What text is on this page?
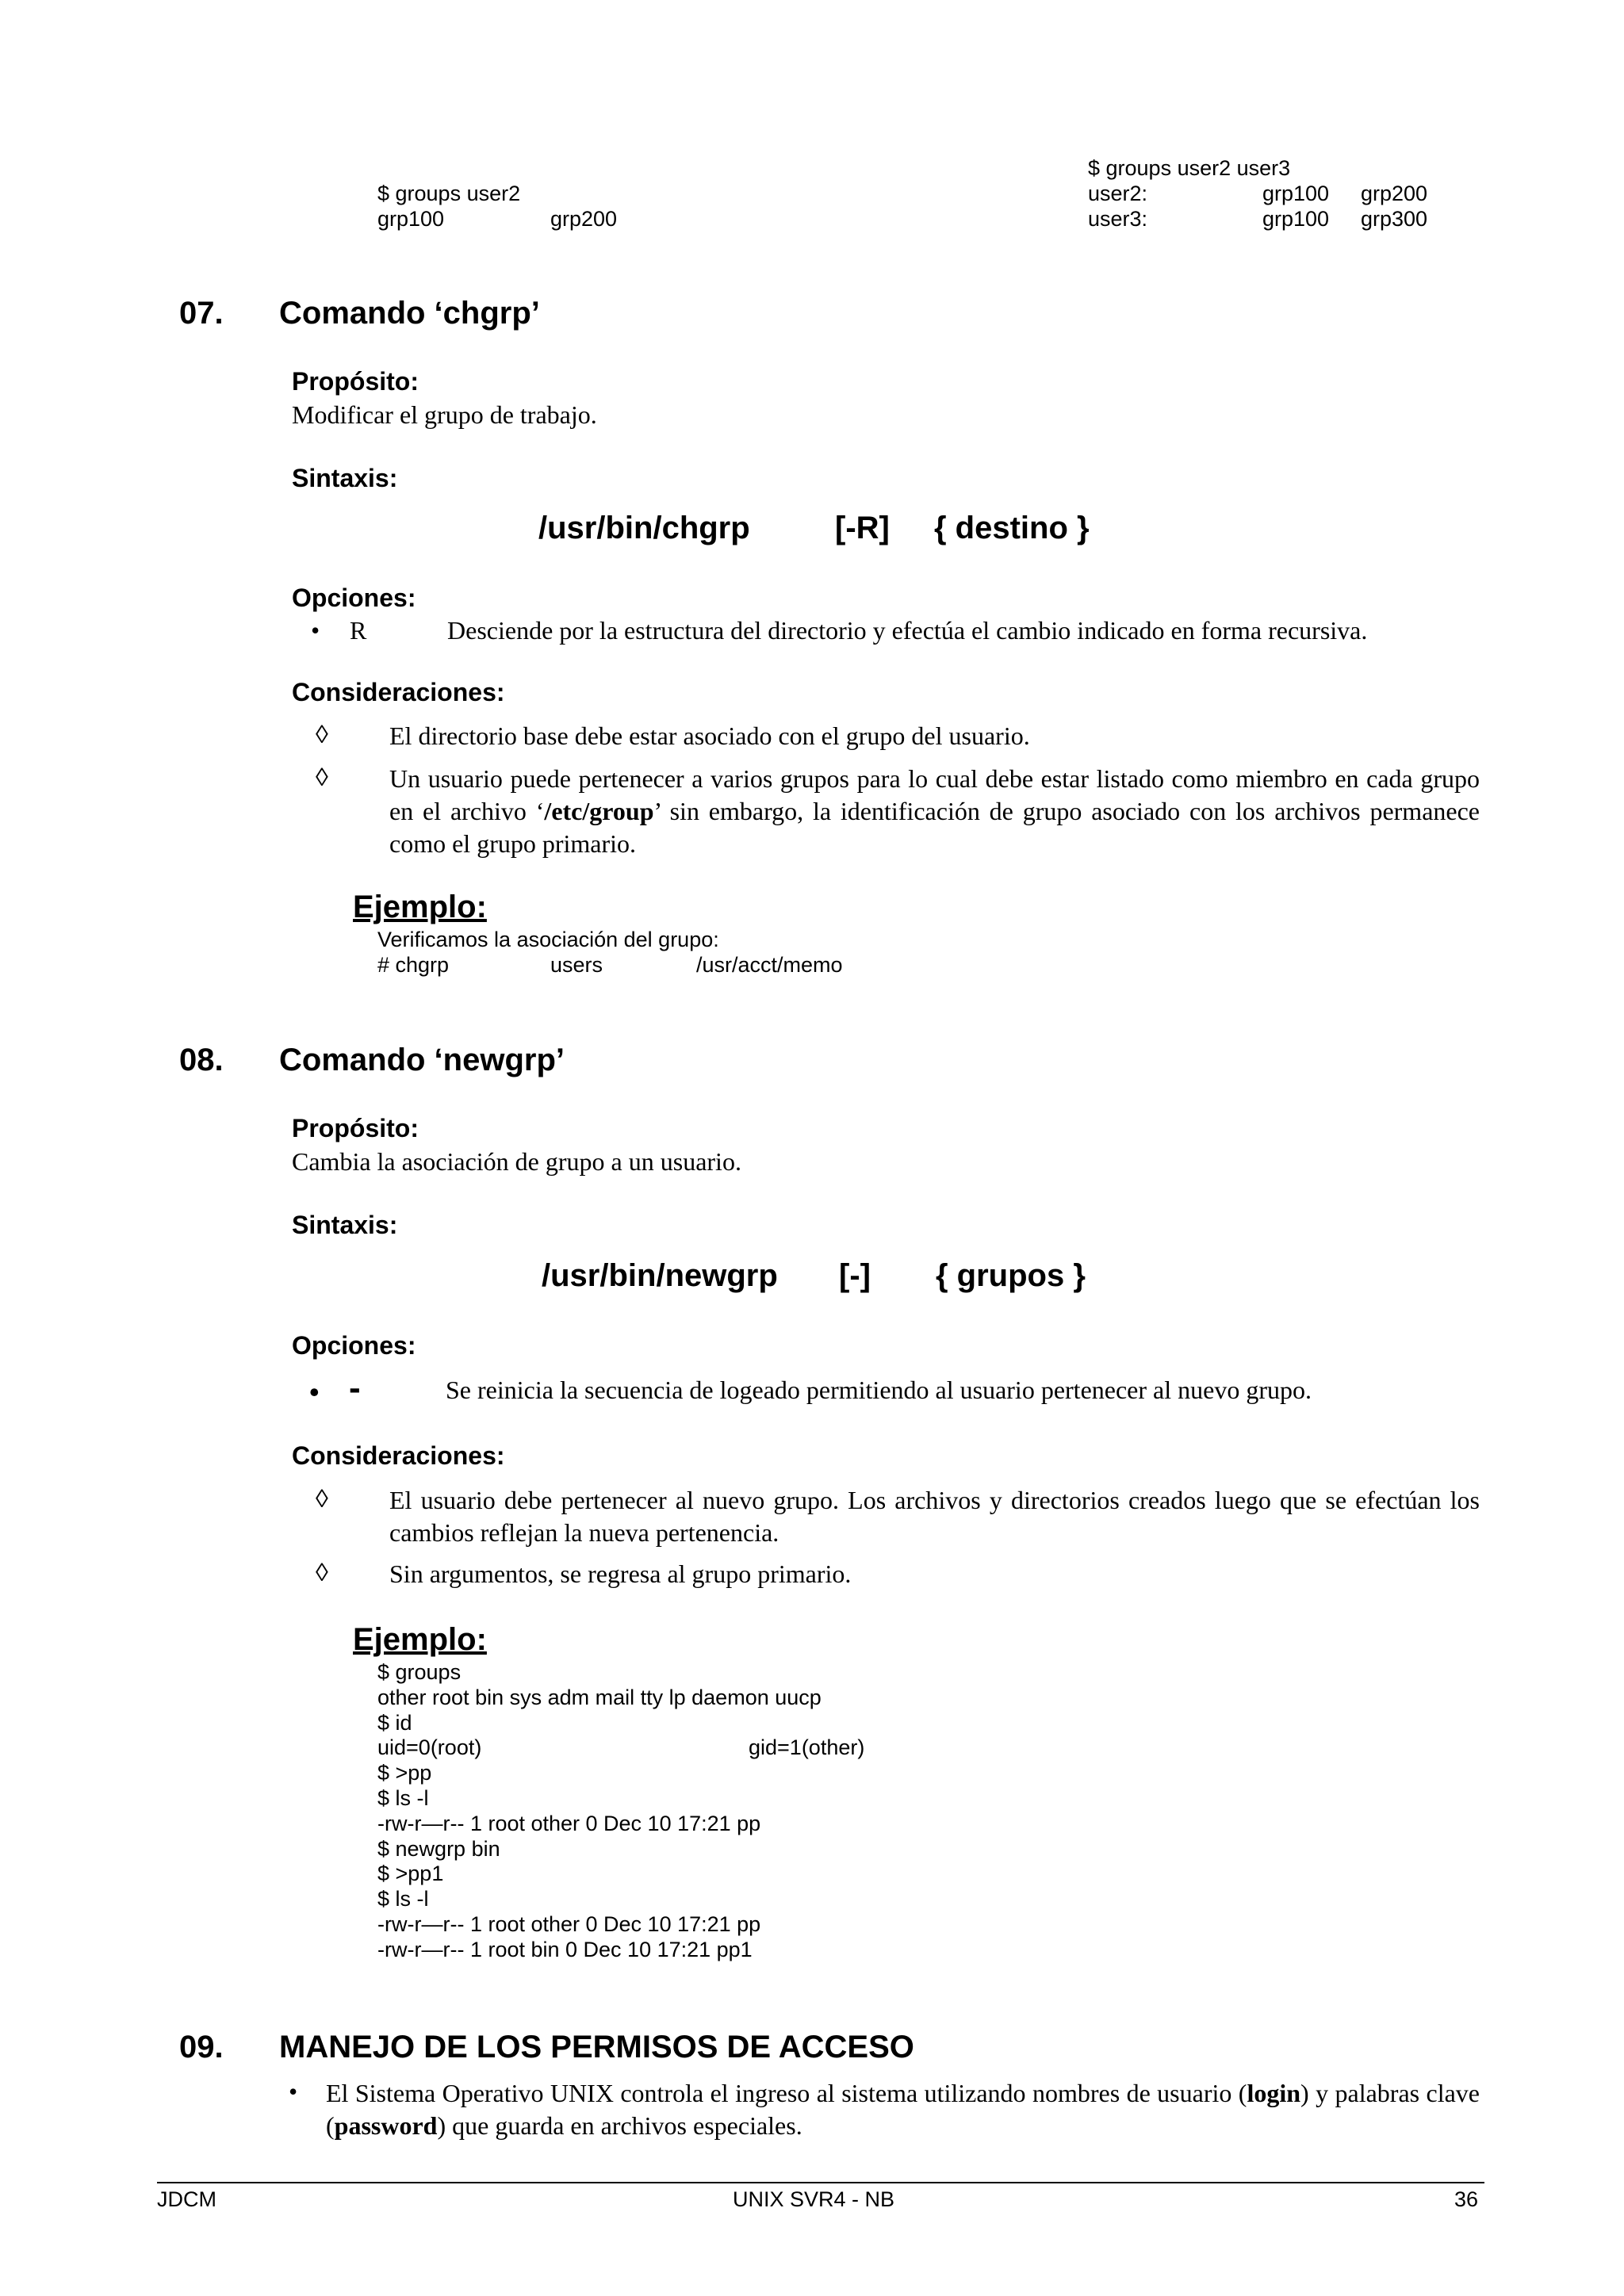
$ groups user2
grp100	grp200
$ groups user2 user3
user2:	grp100 grp200
user3:	grp100 grp300
07. Comando ‘chgrp’
Propósito:
Modificar el grupo de trabajo.
Sintaxis:
/usr/bin/chgrp	[-R] { destino }
Opciones:
• R	Desciende por la estructura del directorio y efectúa el cambio indicado en forma recursiva.
Consideraciones:
◊ El directorio base debe estar asociado con el grupo del usuario.
◊ Un usuario puede pertenecer a varios grupos para lo cual debe estar listado como miembro en cada grupo en el archivo ‘/etc/group’ sin embargo, la identificación de grupo asociado con los archivos permanece como el grupo primario.
Ejemplo:
Verificamos la asociación del grupo:
# chgrp	users	/usr/acct/memo
08. Comando ‘newgrp’
Propósito:
Cambia la asociación de grupo a un usuario.
Sintaxis:
/usr/bin/newgrp [-] { grupos }
Opciones:
• -	Se reinicia la secuencia de logeado permitiendo al usuario pertenecer al nuevo grupo.
Consideraciones:
◊ El usuario debe pertenecer al nuevo grupo. Los archivos y directorios creados luego que se efectúan los cambios reflejan la nueva pertenencia.
◊ Sin argumentos, se regresa al grupo primario.
Ejemplo:
$ groups
other root bin sys adm mail tty lp daemon uucp
$ id
uid=0(root)	gid=1(other)
$ >pp
$ ls -l
-rw-r—r-- 1 root other 0 Dec 10 17:21 pp
$ newgrp bin
$ >pp1
$ ls -l
-rw-r—r-- 1 root other 0 Dec 10 17:21 pp
-rw-r—r-- 1 root bin 0 Dec 10 17:21 pp1
09. MANEJO DE LOS PERMISOS DE ACCESO
• El Sistema Operativo UNIX controla el ingreso al sistema utilizando nombres de usuario (login) y palabras clave (password) que guarda en archivos especiales.
JDCM	UNIX SVR4 - NB	36
